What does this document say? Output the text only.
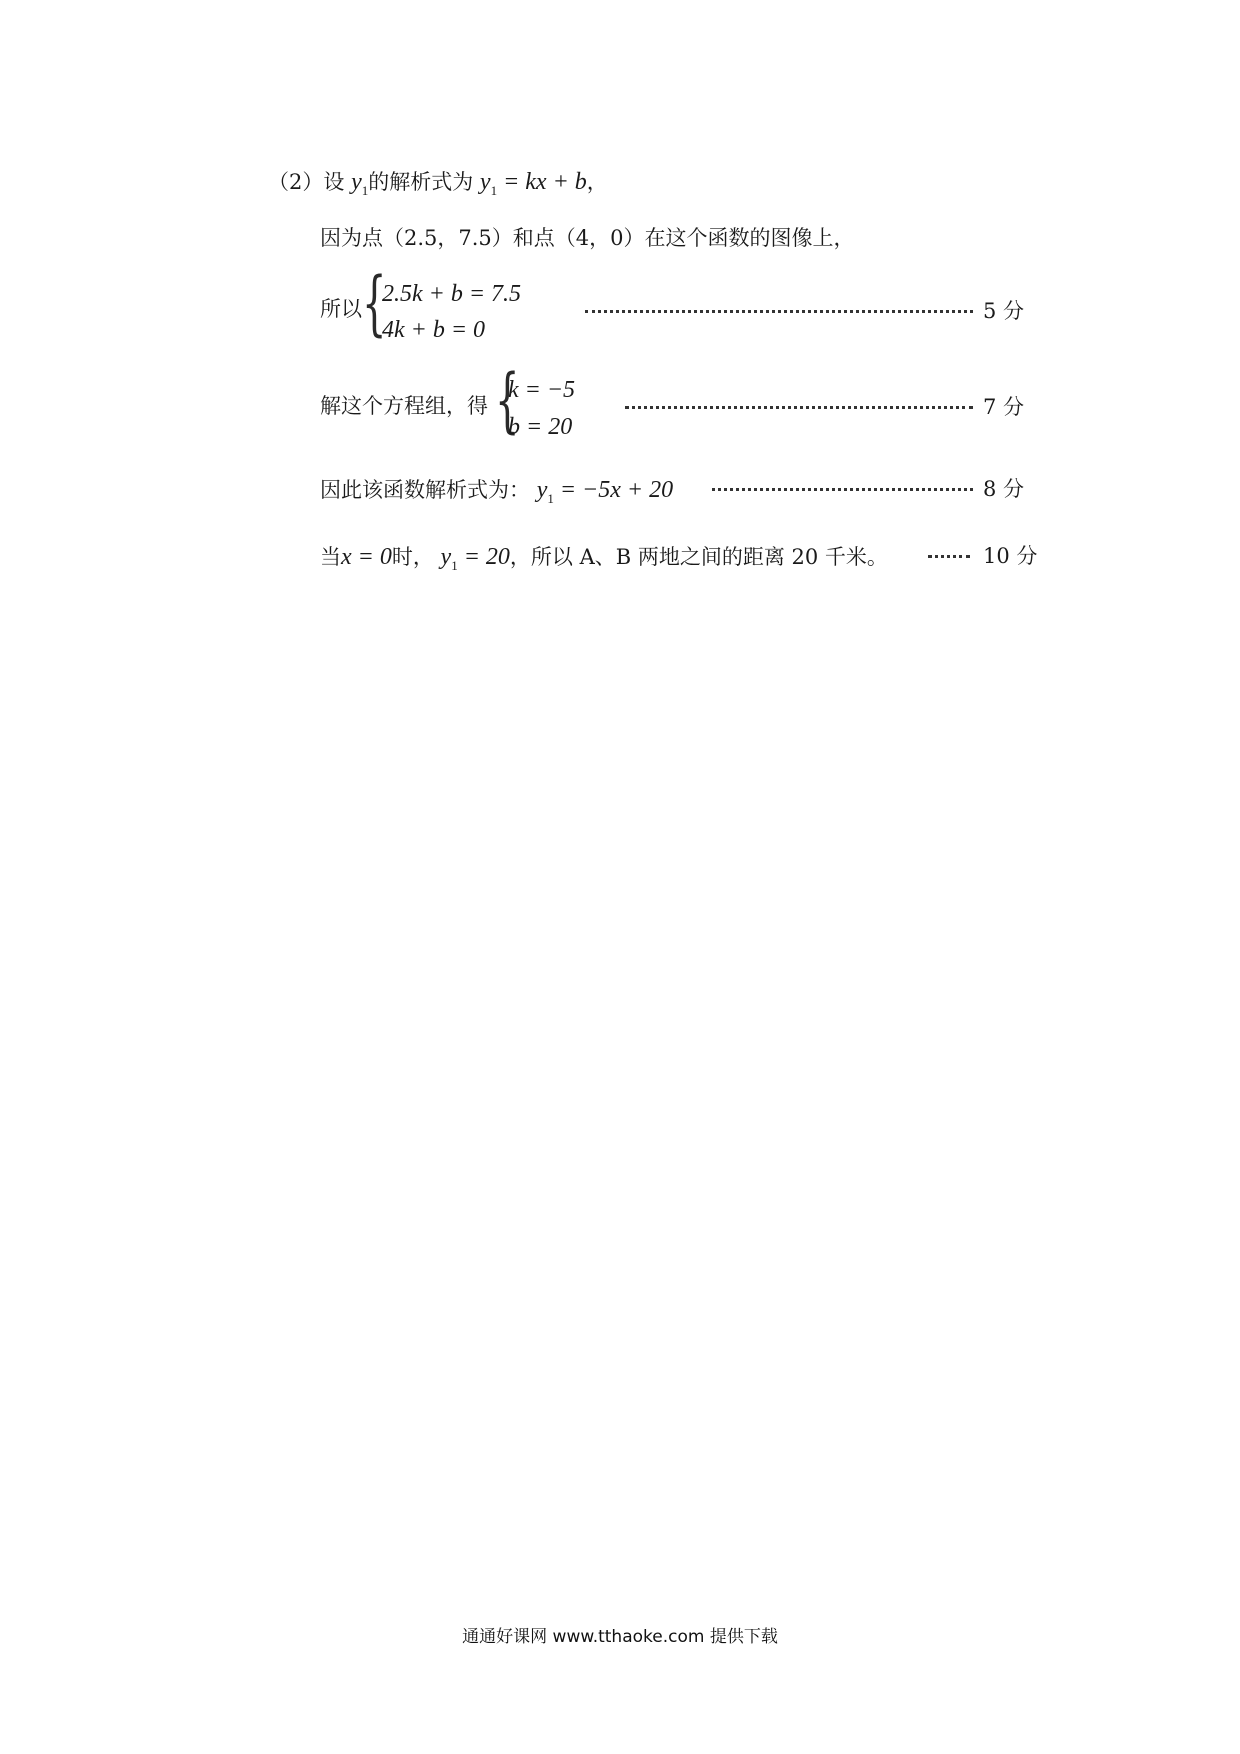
（2）设 $y_1$的解析式为 $y_1$ = kx + b，
因为点（2.5，7.5）和点（4，0）在这个函数的图像上，
所以 {
2.5k + b = 7.5
4k + b = 0
5 分
解这个方程组，得 {
k = −5
b = 20
7 分
因此该函数解析式为： $y_1 = -5x + 20$	8 分
当x = 0时， $y_1 = 20$，所以 A、B 两地之间的距离 20 千米。	10 分
通通好课网 www.tthaoke.com 提供下载
